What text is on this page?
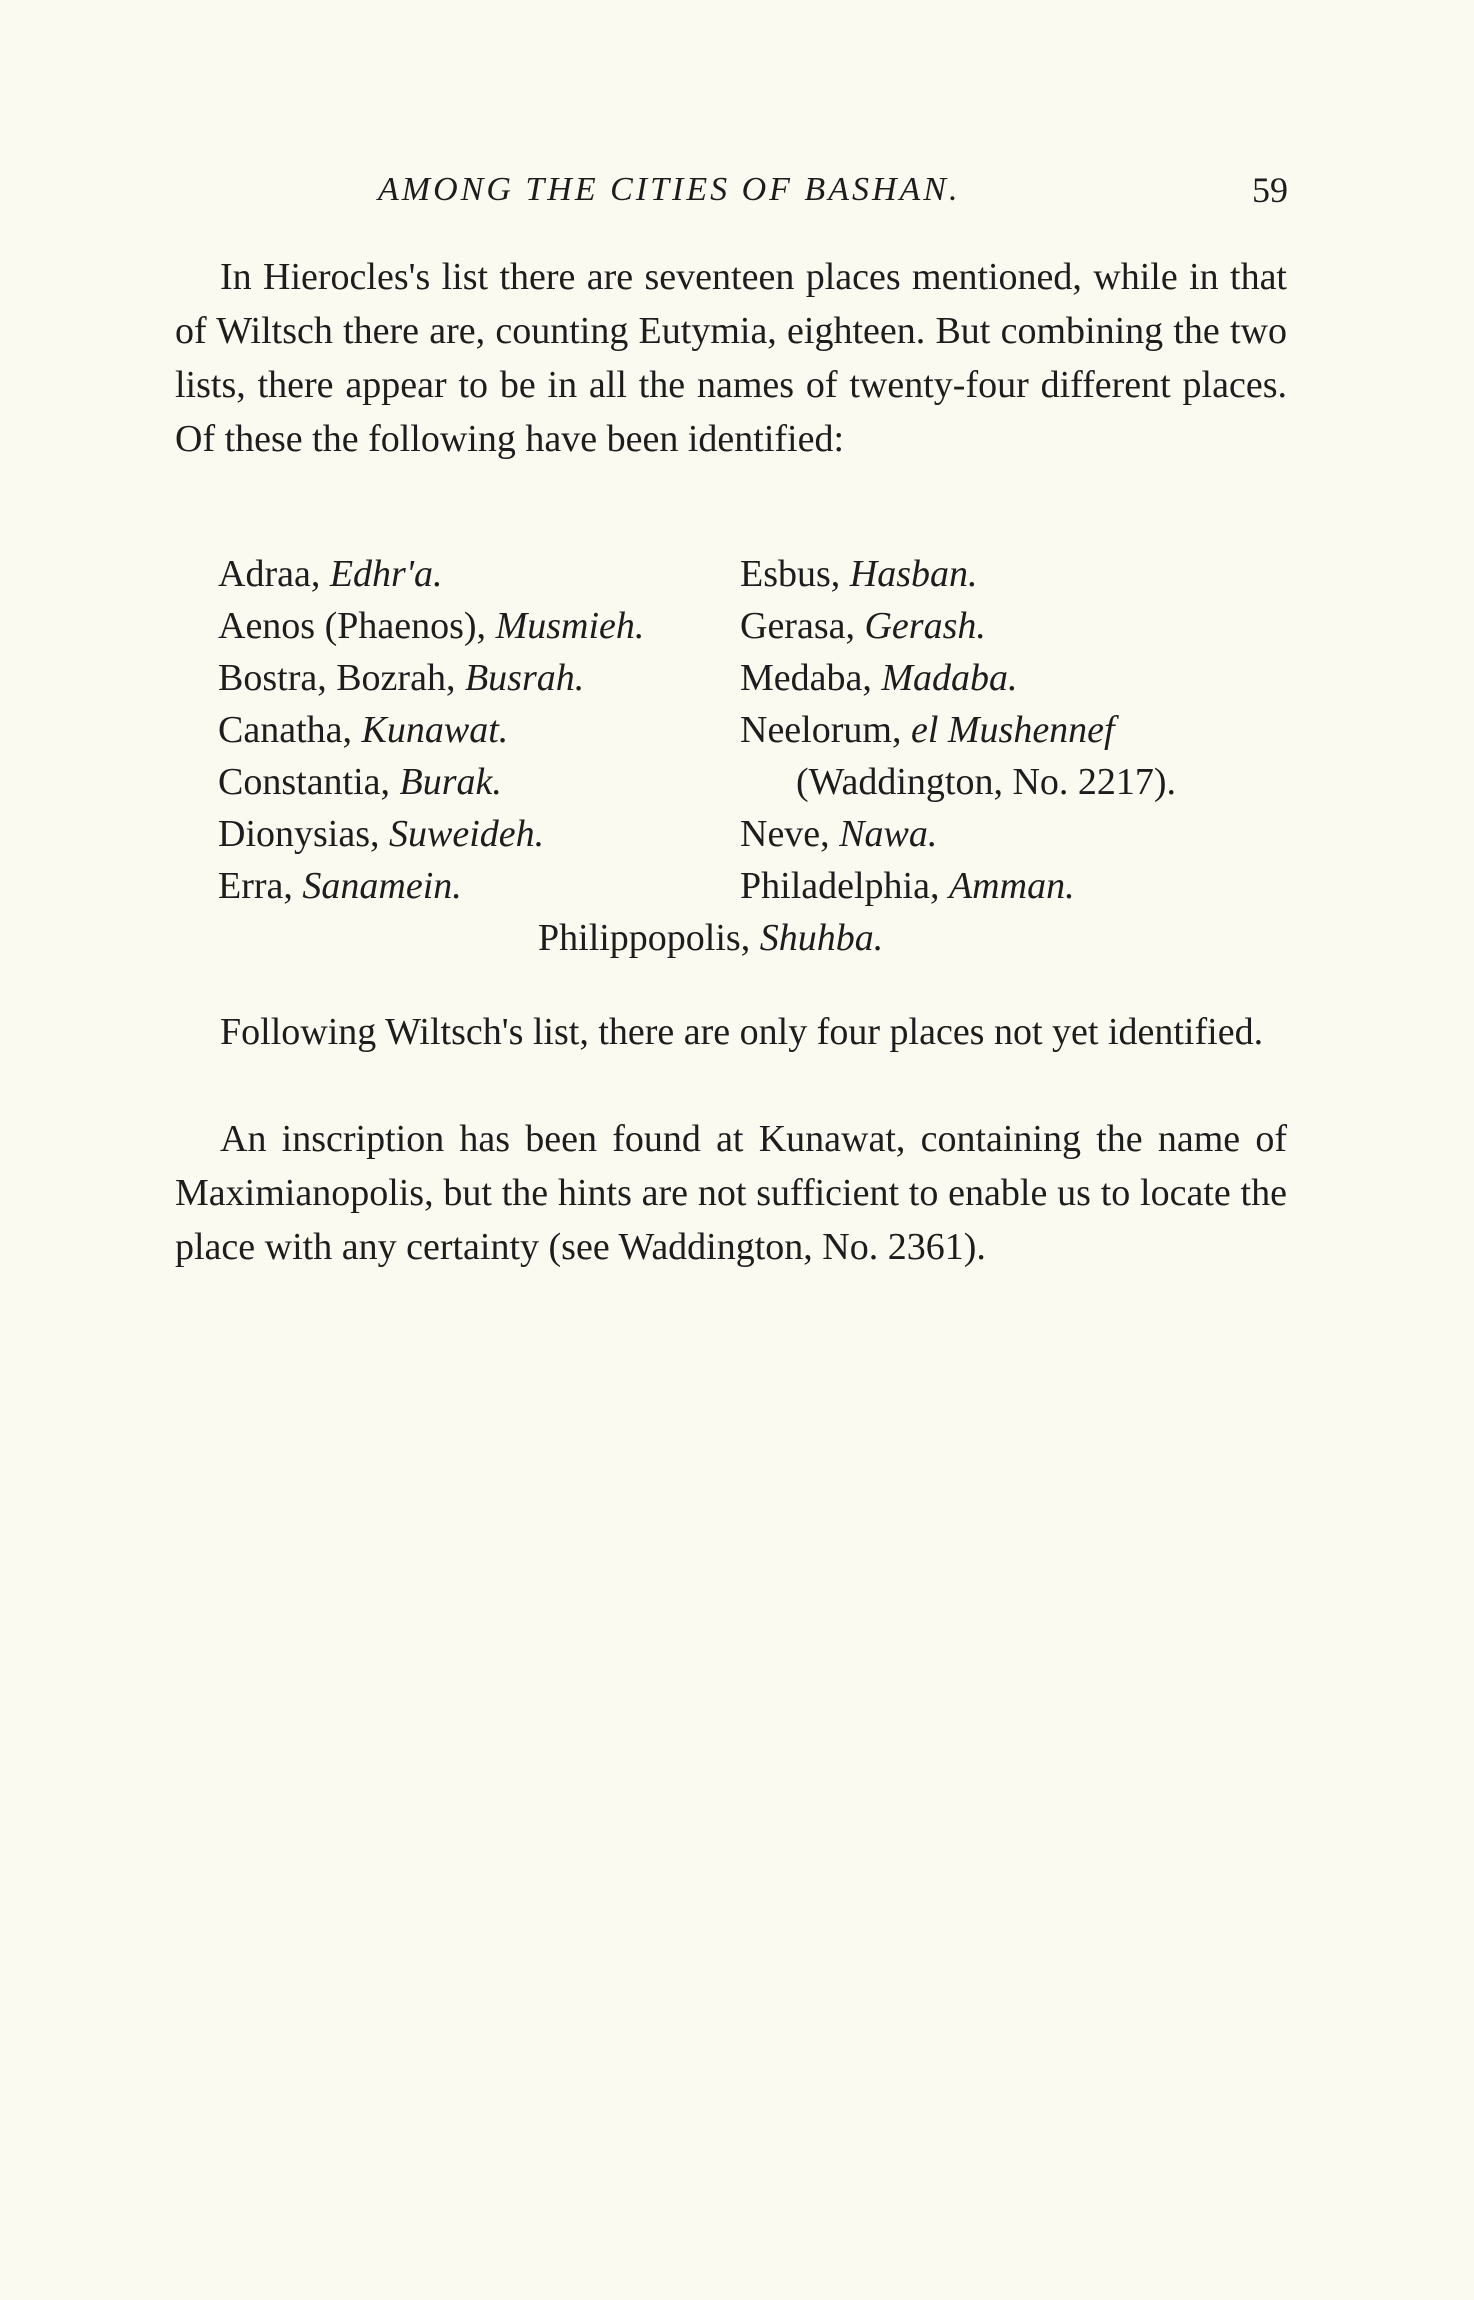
AMONG THE CITIES OF BASHAN.	59

In Hierocles's list there are seventeen places mentioned, while in that of Wiltsch there are, counting Eutymia, eighteen. But combining the two lists, there appear to be in all the names of twenty-four different places. Of these the following have been identified:

Adraa, Edhr'a.
Aenos (Phaenos), Musmieh.
Bostra, Bozrah, Busrah.
Canatha, Kunawat.
Constantia, Burak.
Dionysias, Suweideh.
Erra, Sanamein.
Esbus, Hasban.
Gerasa, Gerash.
Medaba, Madaba.
Neelorum, el Mushennef
(Waddington, No. 2217).
Neve, Nawa.
Philadelphia, Amman.
Philippopolis, Shuhba.

Following Wiltsch's list, there are only four places not yet identified.

An inscription has been found at Kunawat, containing the name of Maximianopolis, but the hints are not sufficient to enable us to locate the place with any certainty (see Waddington, No. 2361).
